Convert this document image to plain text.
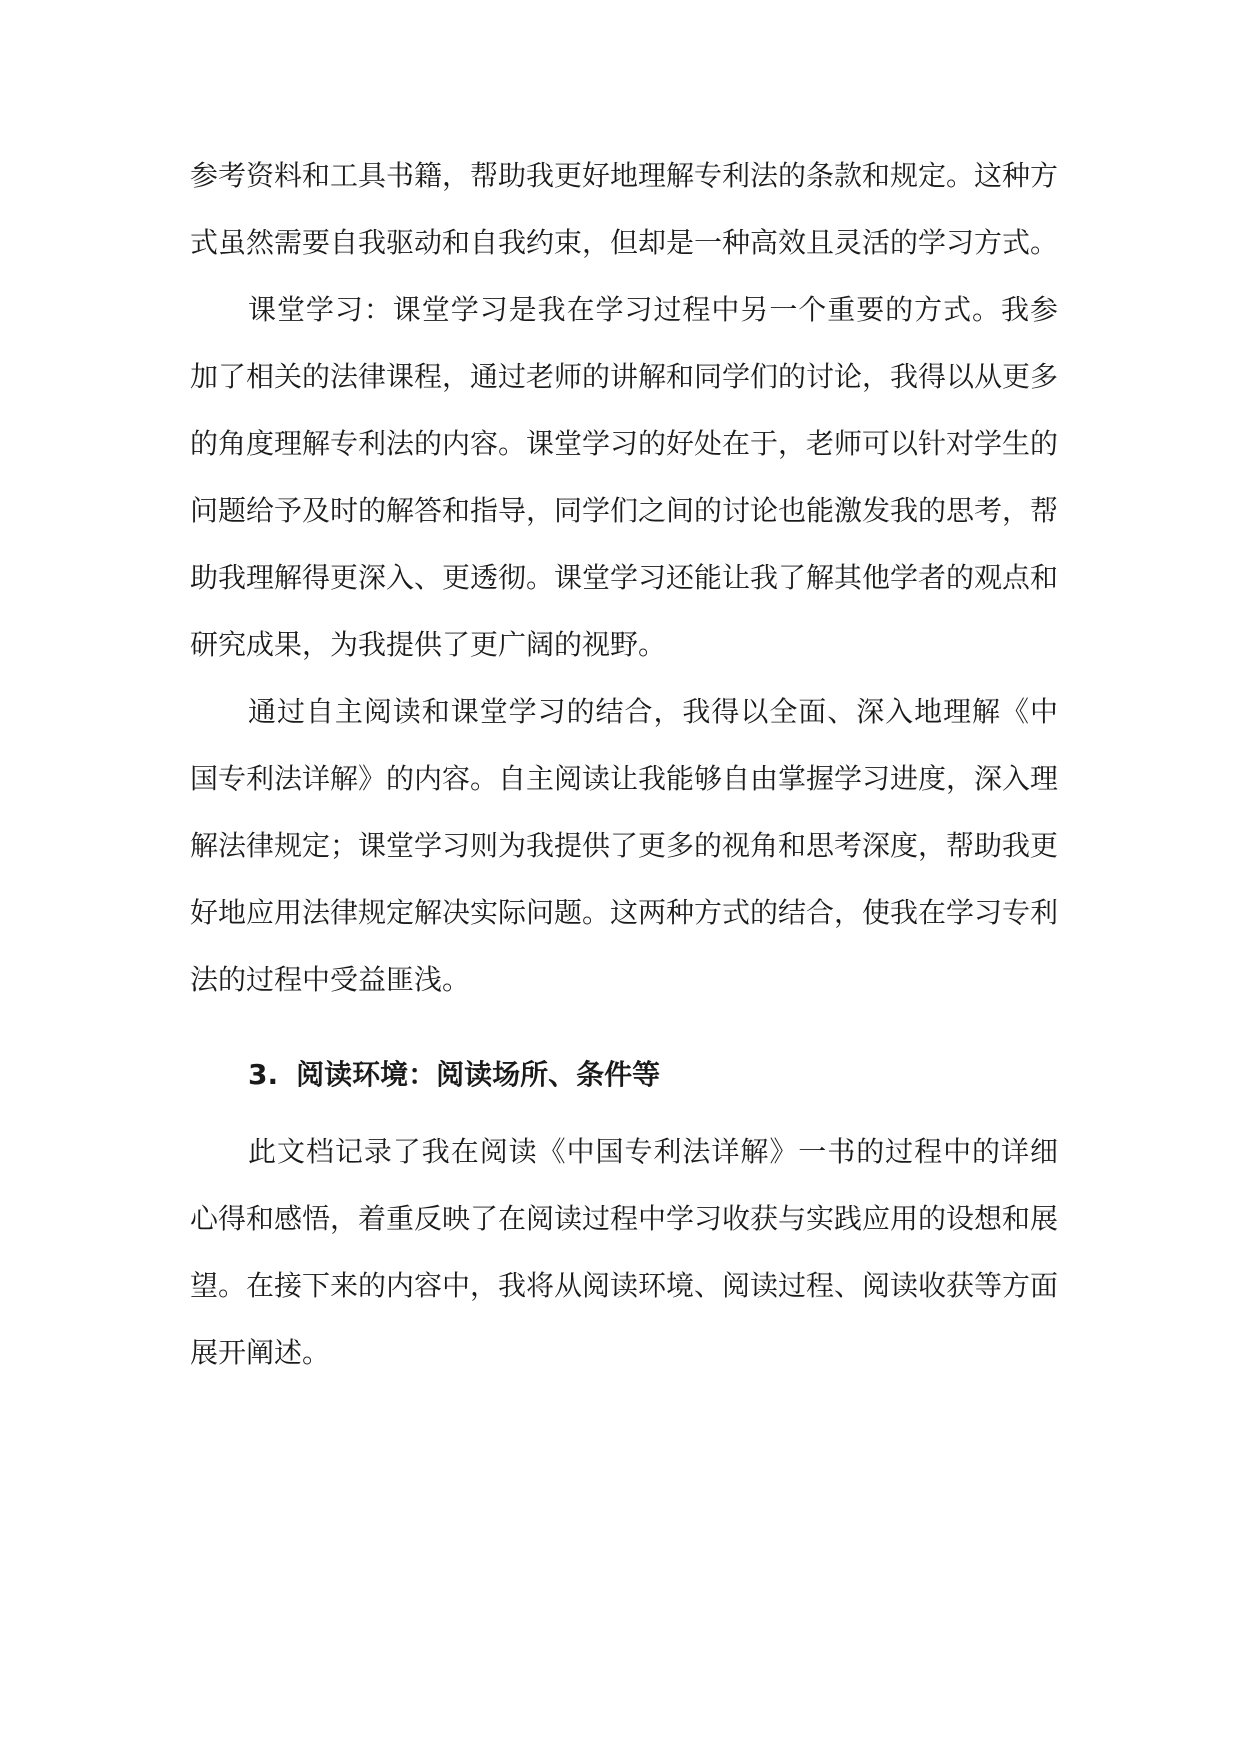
参考资料和工具书籍，帮助我更好地理解专利法的条款和规定。这种方式虽然需要自我驱动和自我约束，但却是一种高效且灵活的学习方式。

课堂学习：课堂学习是我在学习过程中另一个重要的方式。我参加了相关的法律课程，通过老师的讲解和同学们的讨论，我得以从更多的角度理解专利法的内容。课堂学习的好处在于，老师可以针对学生的问题给予及时的解答和指导，同学们之间的讨论也能激发我的思考，帮助我理解得更深入、更透彻。课堂学习还能让我了解其他学者的观点和研究成果，为我提供了更广阔的视野。

通过自主阅读和课堂学习的结合，我得以全面、深入地理解《中国专利法详解》的内容。自主阅读让我能够自由掌握学习进度，深入理解法律规定；课堂学习则为我提供了更多的视角和思考深度，帮助我更好地应用法律规定解决实际问题。这两种方式的结合，使我在学习专利法的过程中受益匪浅。

3. 阅读环境：阅读场所、条件等

此文档记录了我在阅读《中国专利法详解》一书的过程中的详细心得和感悟，着重反映了在阅读过程中学习收获与实践应用的设想和展望。在接下来的内容中，我将从阅读环境、阅读过程、阅读收获等方面展开阐述。
